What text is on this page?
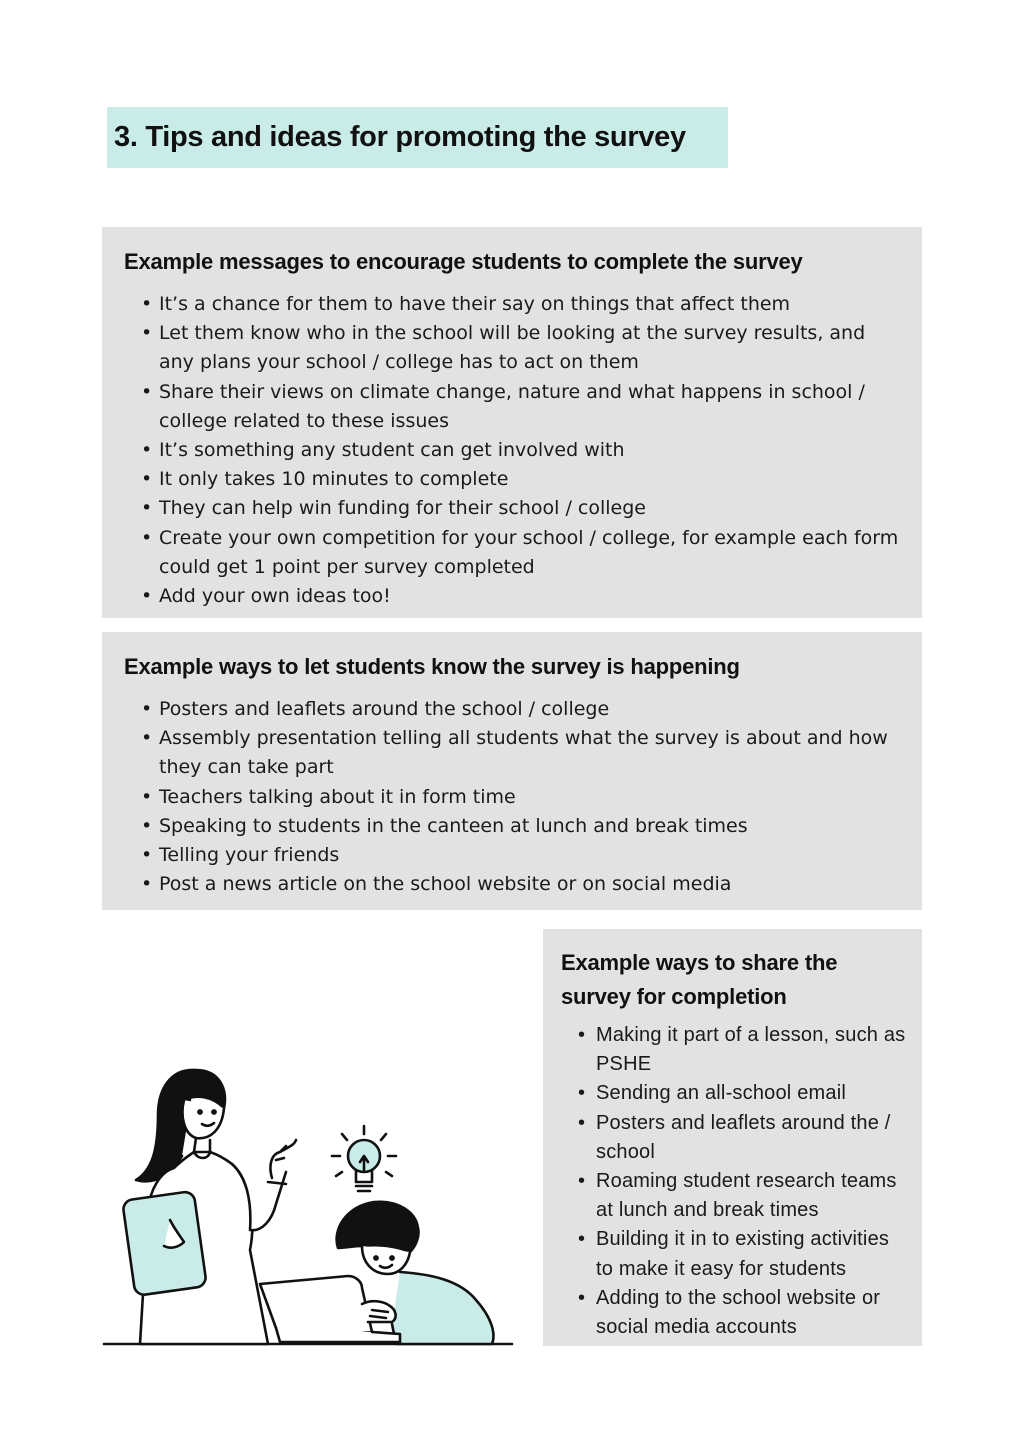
3. Tips and ideas for promoting the survey
Example messages to encourage students to complete the survey
• It’s a chance for them to have their say on things that affect them
• Let them know who in the school will be looking at the survey results, and any plans your school / college has to act on them
• Share their views on climate change, nature and what happens in school / college related to these issues
• It’s something any student can get involved with
• It only takes 10 minutes to complete
• They can help win funding for their school / college
• Create your own competition for your school / college, for example each form could get 1 point per survey completed
• Add your own ideas too!
Example ways to let students know the survey is happening
• Posters and leaflets around the school / college
• Assembly presentation telling all students what the survey is about and how they can take part
• Teachers talking about it in form time
• Speaking to students in the canteen at lunch and break times
• Telling your friends
• Post a news article on the school website or on social media
Example ways to share the survey for completion
• Making it part of a lesson, such as PSHE
• Sending an all-school email
• Posters and leaflets around the / school
• Roaming student research teams at lunch and break times
• Building it in to existing activities to make it easy for students
• Adding to the school website or social media accounts
